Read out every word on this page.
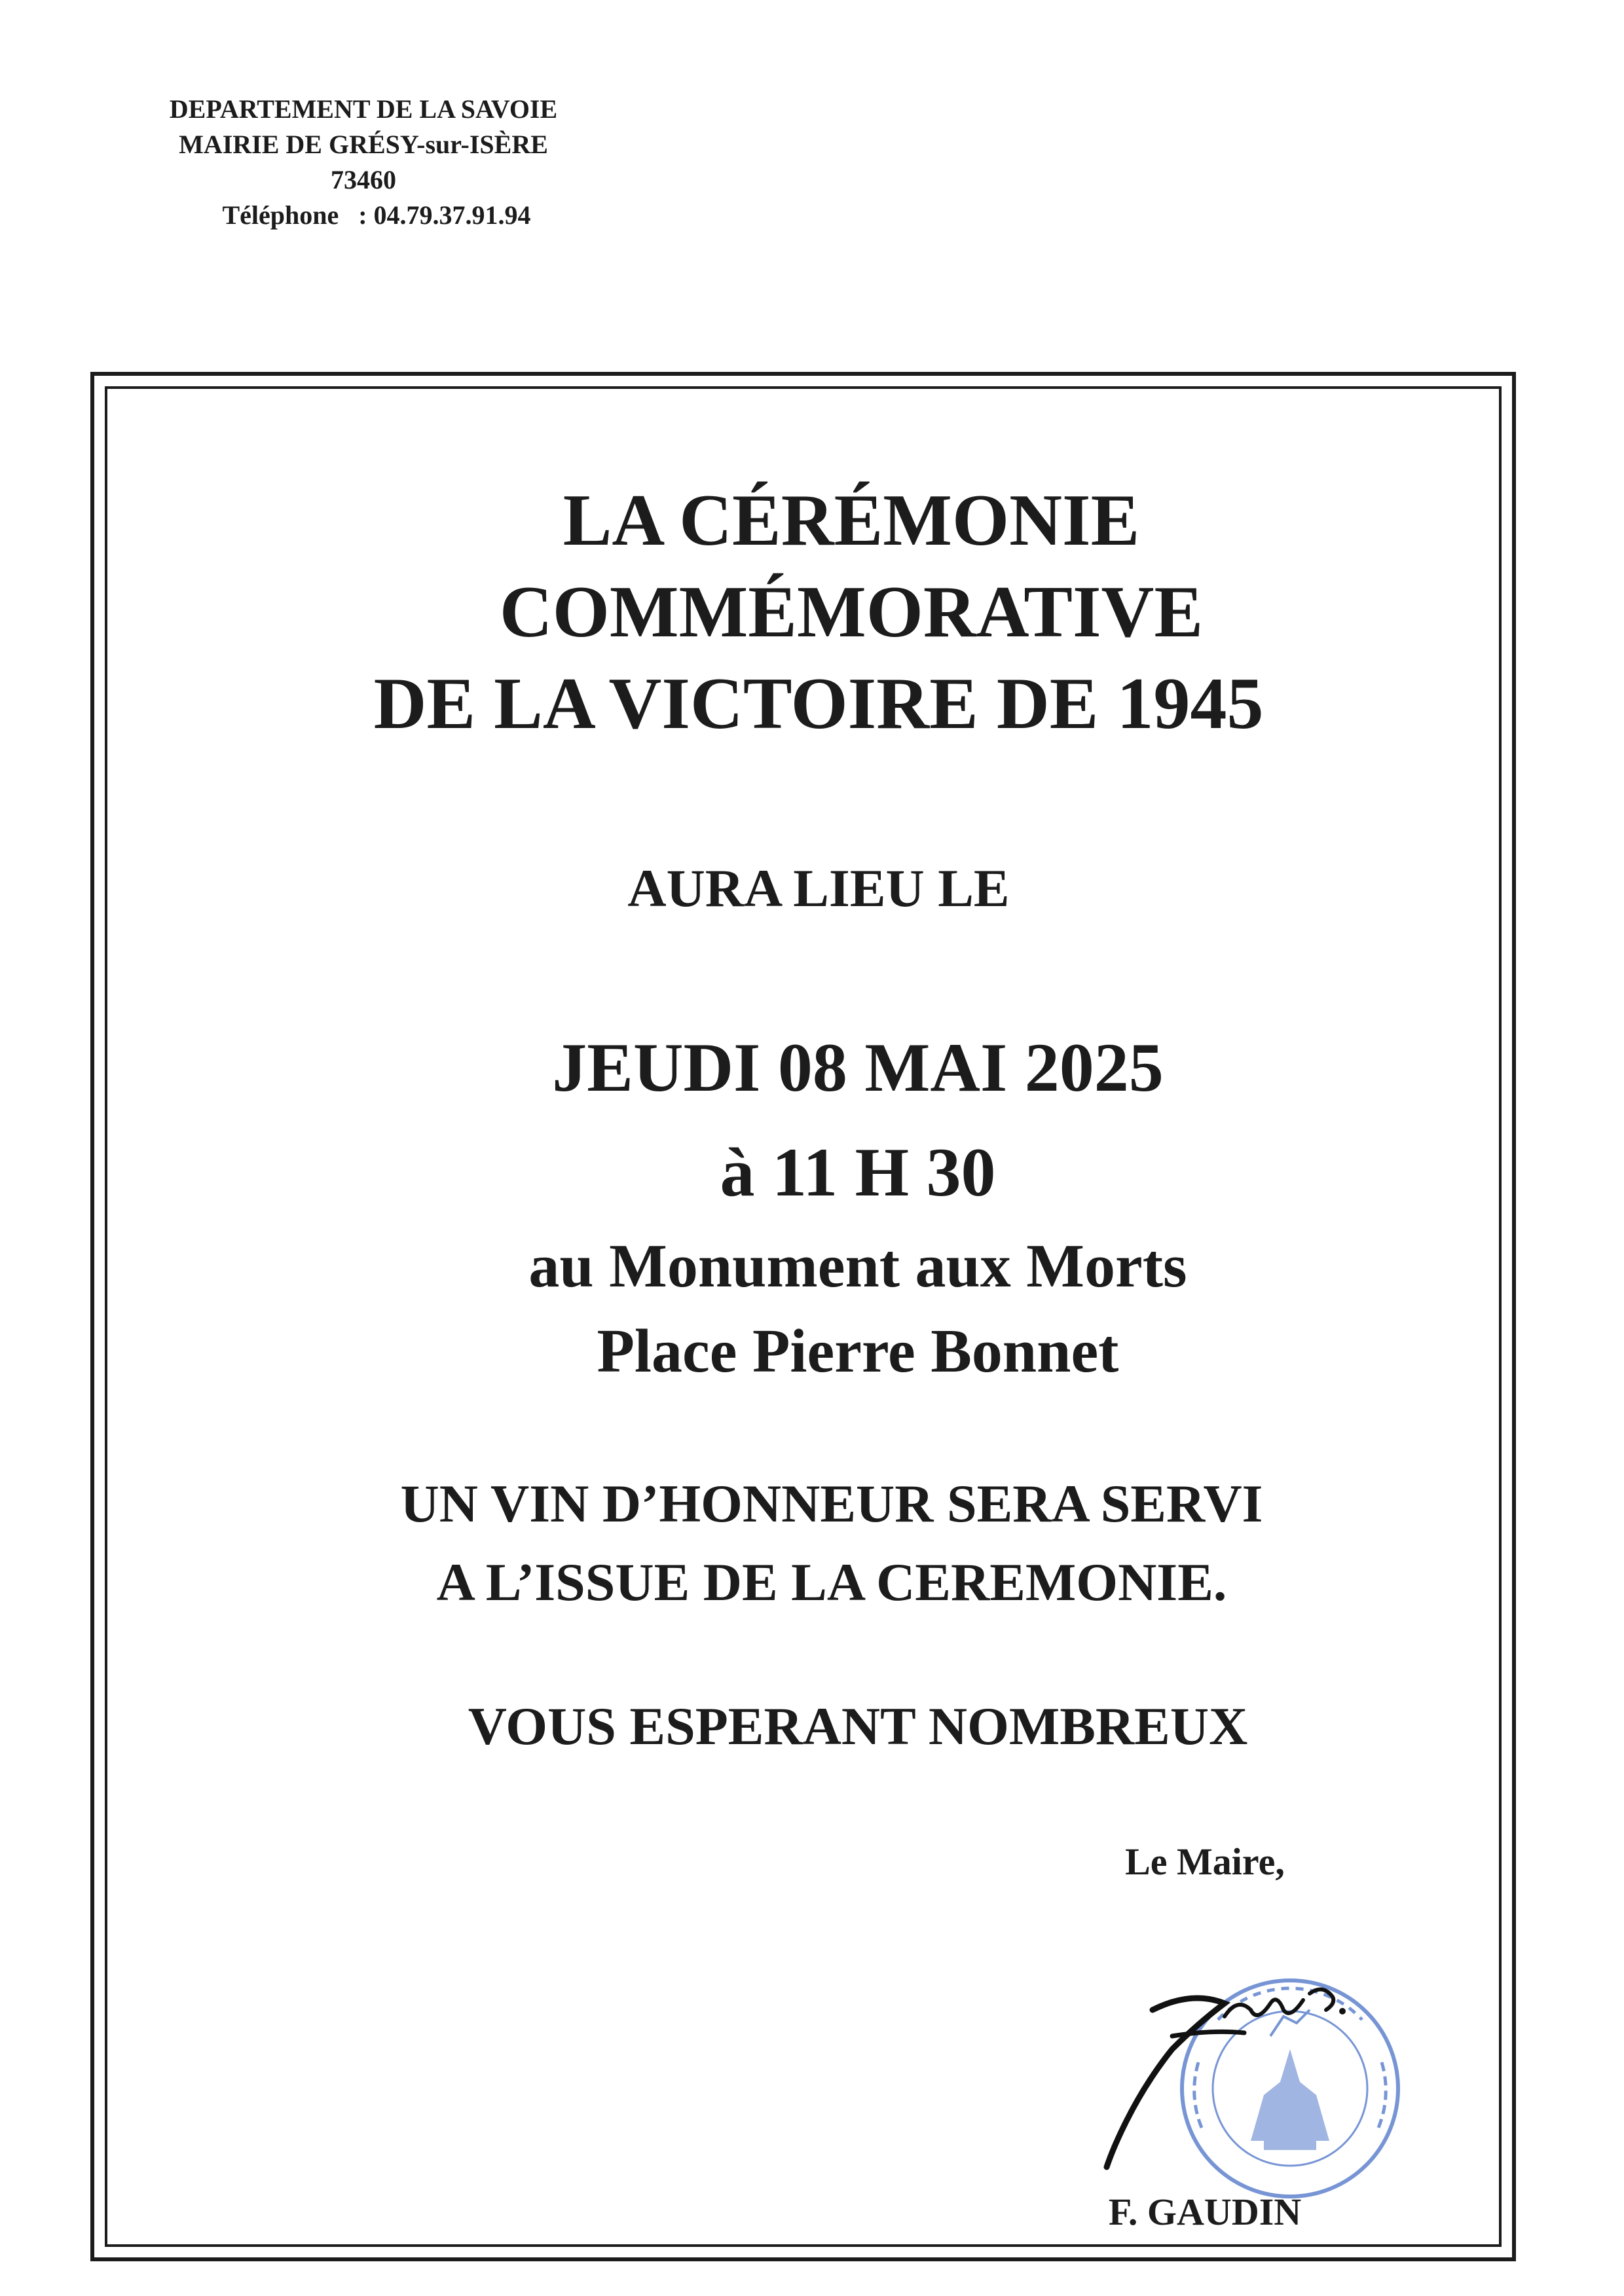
DEPARTEMENT DE LA SAVOIE
MAIRIE DE GRÉSY-sur-ISÈRE
73460
Téléphone : 04.79.37.91.94
LA CÉRÉMONIE
COMMÉMORATIVE
DE LA VICTOIRE DE 1945
AURA LIEU LE
JEUDI 08 MAI 2025
à 11 H 30
au Monument aux Morts
Place Pierre Bonnet
UN VIN D’HONNEUR SERA SERVI
A L’ISSUE DE LA CEREMONIE.
VOUS ESPERANT NOMBREUX
Le Maire,
F. GAUDIN
